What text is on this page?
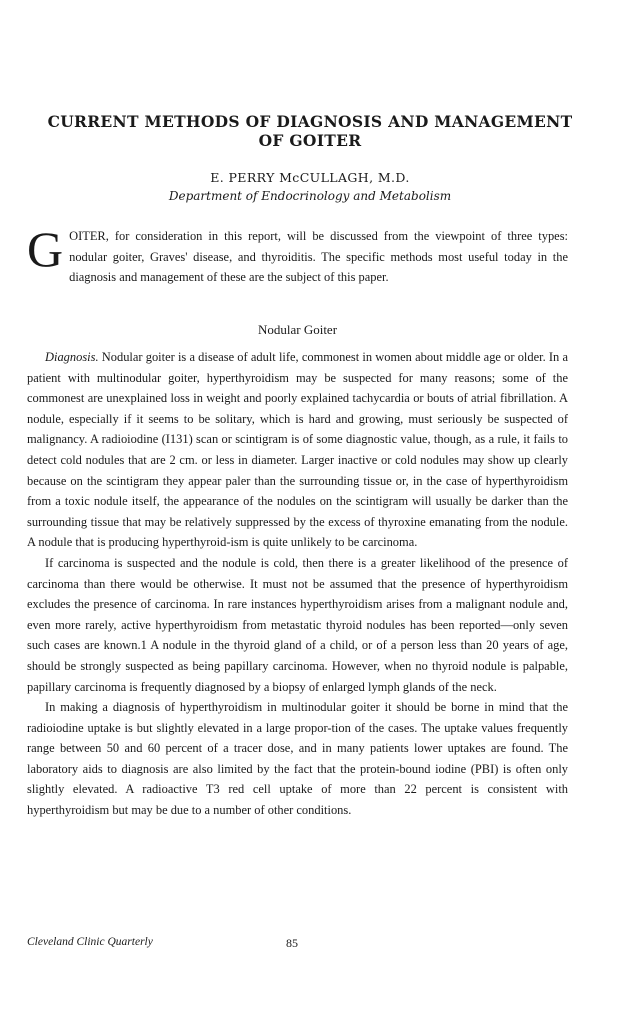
CURRENT METHODS OF DIAGNOSIS AND MANAGEMENT
OF GOITER
E. PERRY McCULLAGH, M.D.
Department of Endocrinology and Metabolism
G OITER, for consideration in this report, will be discussed from the viewpoint of three types: nodular goiter, Graves' disease, and thyroiditis. The specific methods most useful today in the diagnosis and management of these are the subject of this paper.

Nodular Goiter

Diagnosis. Nodular goiter is a disease of adult life, commonest in women about middle age or older. In a patient with multinodular goiter, hyperthyroidism may be suspected for many reasons; some of the commonest are unexplained loss in weight and poorly explained tachycardia or bouts of atrial fibrillation. A nodule, especially if it seems to be solitary, which is hard and growing, must seriously be suspected of malignancy. A radioiodine (I131) scan or scintigram is of some diagnostic value, though, as a rule, it fails to detect cold nodules that are 2 cm. or less in diameter. Larger inactive or cold nodules may show up clearly because on the scintigram they appear paler than the surrounding tissue or, in the case of hyperthyroidism from a toxic nodule itself, the appearance of the nodules on the scintigram will usually be darker than the surrounding tissue that may be relatively suppressed by the excess of thyroxine emanating from the nodule. A nodule that is producing hyperthyroid-ism is quite unlikely to be carcinoma.

If carcinoma is suspected and the nodule is cold, then there is a greater likelihood of the presence of carcinoma than there would be otherwise. It must not be assumed that the presence of hyperthyroidism excludes the presence of carcinoma. In rare instances hyperthyroidism arises from a malignant nodule and, even more rarely, active hyperthyroidism from metastatic thyroid nodules has been reported—only seven such cases are known.1 A nodule in the thyroid gland of a child, or of a person less than 20 years of age, should be strongly suspected as being papillary carcinoma. However, when no thyroid nodule is palpable, papillary carcinoma is frequently diagnosed by a biopsy of enlarged lymph glands of the neck.

In making a diagnosis of hyperthyroidism in multinodular goiter it should be borne in mind that the radioiodine uptake is but slightly elevated in a large propor-tion of the cases. The uptake values frequently range between 50 and 60 percent of a tracer dose, and in many patients lower uptakes are found. The laboratory aids to diagnosis are also limited by the fact that the protein-bound iodine (PBI) is often only slightly elevated. A radioactive T3 red cell uptake of more than 22 percent is consistent with hyperthyroidism but may be due to a number of other conditions.

Cleveland Clinic Quarterly	85
